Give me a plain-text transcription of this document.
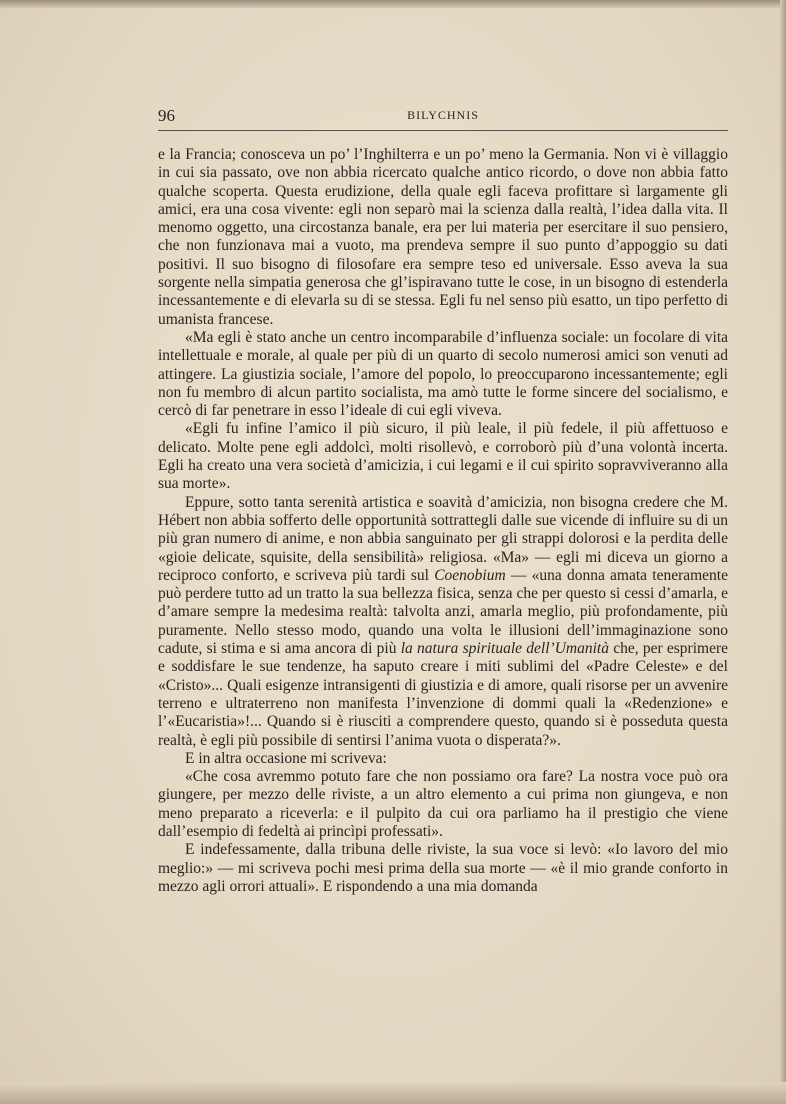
96	BILYCHNIS

e la Francia; conosceva un po’ l’Inghilterra e un po’ meno la Germania. Non vi è villaggio in cui sia passato, ove non abbia ricercato qualche antico ricordo, o dove non abbia fatto qualche scoperta. Questa erudizione, della quale egli faceva profittare sì largamente gli amici, era una cosa vivente: egli non separò mai la scienza dalla realtà, l’idea dalla vita. Il menomo oggetto, una circostanza banale, era per lui materia per esercitare il suo pensiero, che non funzionava mai a vuoto, ma prendeva sempre il suo punto d’appoggio su dati positivi. Il suo bisogno di filosofare era sempre teso ed universale. Esso aveva la sua sorgente nella simpatia generosa che gl’ispiravano tutte le cose, in un bisogno di estenderla incessantemente e di elevarla su di se stessa. Egli fu nel senso più esatto, un tipo perfetto di umanista francese.

«Ma egli è stato anche un centro incomparabile d’influenza sociale: un focolare di vita intellettuale e morale, al quale per più di un quarto di secolo numerosi amici son venuti ad attingere. La giustizia sociale, l’amore del popolo, lo preoccuparono incessantemente; egli non fu membro di alcun partito socialista, ma amò tutte le forme sincere del socialismo, e cercò di far penetrare in esso l’ideale di cui egli viveva.

«Egli fu infine l’amico il più sicuro, il più leale, il più fedele, il più affettuoso e delicato. Molte pene egli addolcì, molti risollevò, e corroborò più d’una volontà incerta. Egli ha creato una vera società d’amicizia, i cui legami e il cui spirito sopravviveranno alla sua morte».

Eppure, sotto tanta serenità artistica e soavità d’amicizia, non bisogna credere che M. Hébert non abbia sofferto delle opportunità sottrattegli dalle sue vicende di influire su di un più gran numero di anime, e non abbia sanguinato per gli strappi dolorosi e la perdita delle «gioie delicate, squisite, della sensibilità» religiosa. «Ma» — egli mi diceva un giorno a reciproco conforto, e scriveva più tardi sul Coenobium — «una donna amata teneramente può perdere tutto ad un tratto la sua bellezza fisica, senza che per questo si cessi d’amarla, e d’amare sempre la medesima realtà: talvolta anzi, amarla meglio, più profondamente, più puramente. Nello stesso modo, quando una volta le illusioni dell’immaginazione sono cadute, si stima e si ama ancora di più la natura spirituale dell’Umanità che, per esprimere e soddisfare le sue tendenze, ha saputo creare i miti sublimi del «Padre Celeste» e del «Cristo»... Quali esigenze intransigenti di giustizia e di amore, quali risorse per un avvenire terreno e ultraterreno non manifesta l’invenzione di dommi quali la «Redenzione» e l’«Eucaristia»!... Quando si è riusciti a comprendere questo, quando si è posseduta questa realtà, è egli più possibile di sentirsi l’anima vuota o disperata?».

E in altra occasione mi scriveva:

«Che cosa avremmo potuto fare che non possiamo ora fare? La nostra voce può ora giungere, per mezzo delle riviste, a un altro elemento a cui prima non giungeva, e non meno preparato a riceverla: e il pulpito da cui ora parliamo ha il prestigio che viene dall’esempio di fedeltà ai princìpi professati».

E indefessamente, dalla tribuna delle riviste, la sua voce si levò: «Io lavoro del mio meglio:» — mi scriveva pochi mesi prima della sua morte — «è il mio grande conforto in mezzo agli orrori attuali». E rispondendo a una mia domanda
